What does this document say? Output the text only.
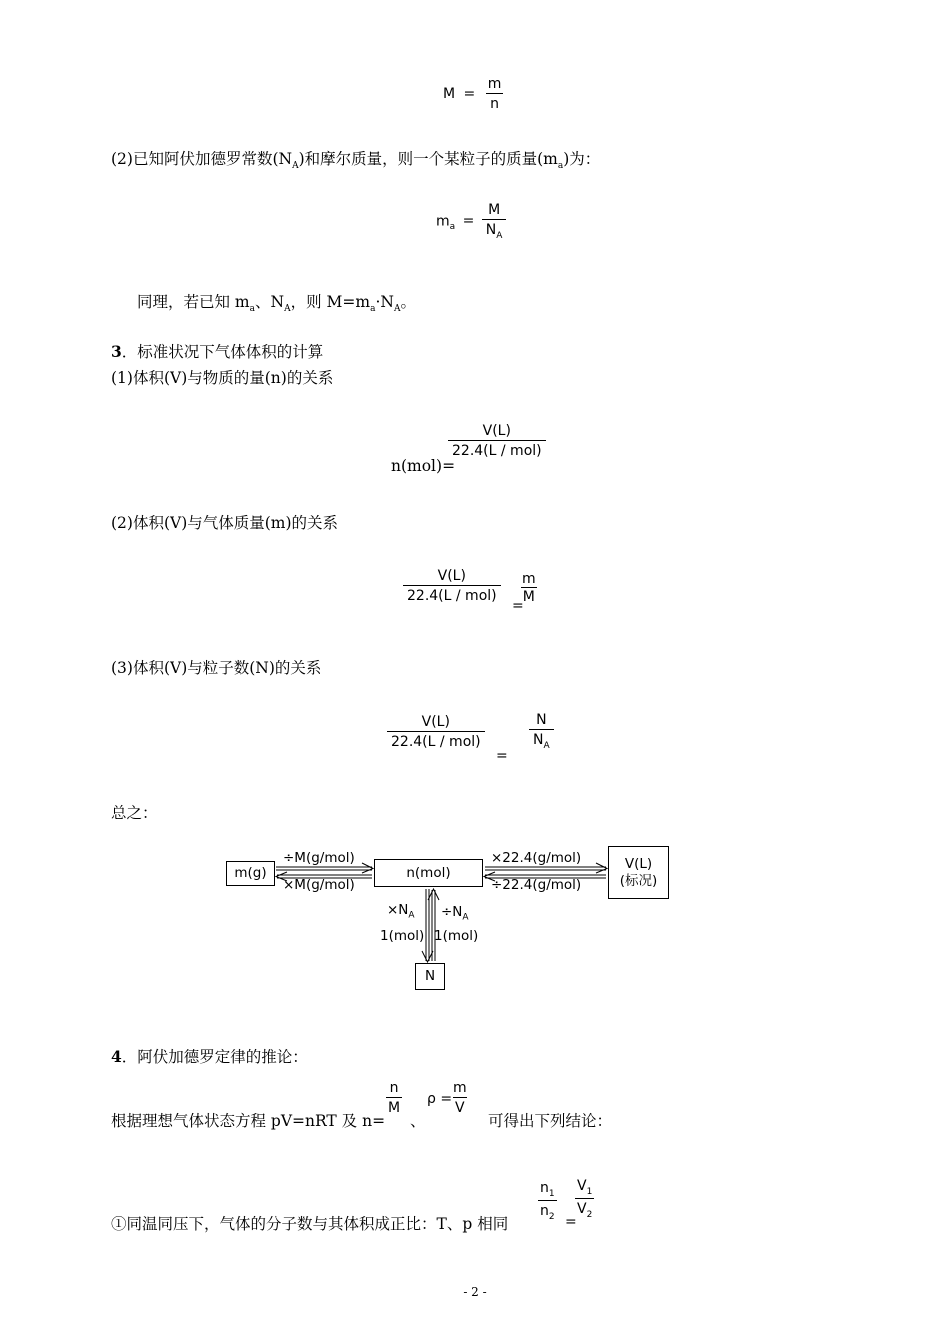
$M = \frac{m}{n}$
(2)已知阿伏加德罗常数$(N_A)$和摩尔质量，则一个某粒子的质量$(m_a)$为：
$m_a = \frac{M}{N_A}$
同理，若已知 $m_a$、$N_A$，则 $M=m_a\cdot N_A$。
3．标准状况下气体体积的计算
(1)体积(V)与物质的量(n)的关系
n(mol)=
$\frac{V(L)}{\text{22.4(L / mol)}}$
(2)体积(V)与气体质量(m)的关系
$\frac{V(L)}{\text{22.4(L / mol)}}$
=
$\frac{m}{M}$
(3)体积(V)与粒子数(N)的关系
$\frac{V(L)}{\text{22.4(L / mol)}}$
=
$\frac{N}{N_A}$
总之：
m(g)	n(mol)
V(L)
(标况)
N
÷M(g/mol)
×M(g/mol)
×22.4(g/mol)
÷22.4(g/mol)
$\times N_A$
1(mol)
$\div N_A$
1(mol)
4．阿伏加德罗定律的推论：
根据理想气体状态方程 pV=nRT 及 n=
$\frac{n}{M}$
、
ρ =
$\frac{m}{V}$
可得出下列结论：
①同温同压下，气体的分子数与其体积成正比：T、p 相同
$\frac{n_1}{n_2}$
=
$\frac{V_1}{V_2}$
- 2 -
